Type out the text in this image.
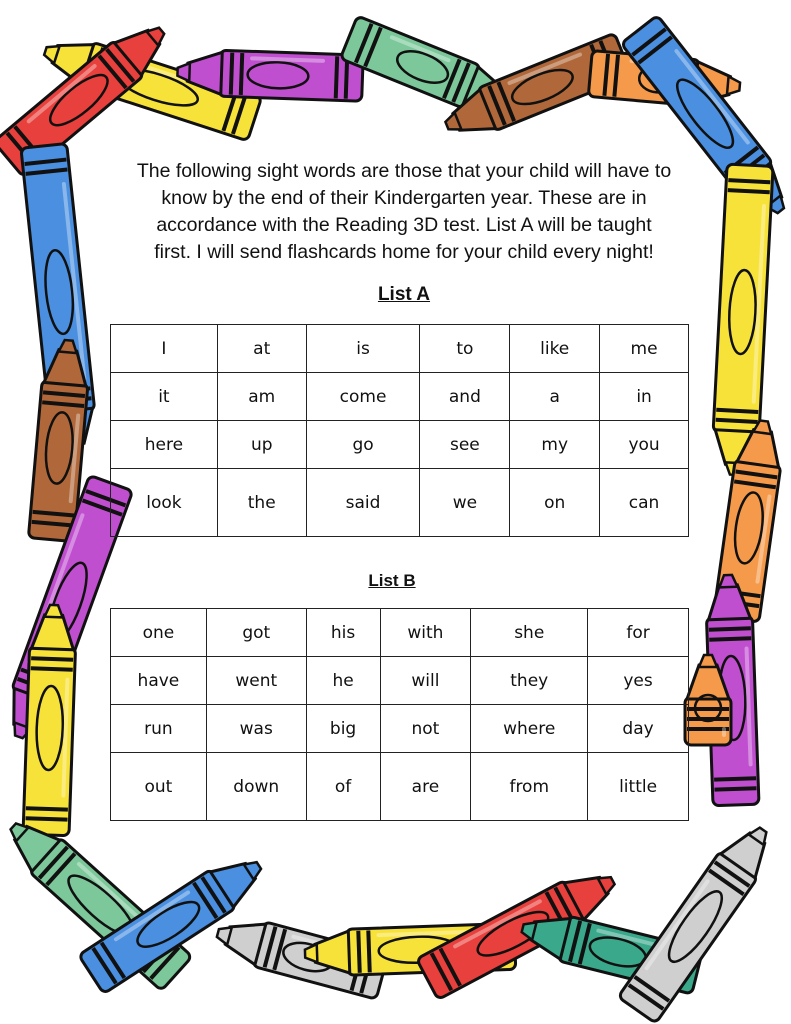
The following sight words are those that your child will have to
know by the end of their Kindergarten year. These are in
accordance with the Reading 3D test. List A will be taught
first. I will send flashcards home for your child every night!
List A
I	at	is	to	like	me
it	am	come	and	a	in
here	up	go	see	my	you
look	the	said	we	on	can
List B
one	got	his	with	she	for
have	went	he	will	they	yes
run	was	big	not	where	day
out	down	of	are	from	little
